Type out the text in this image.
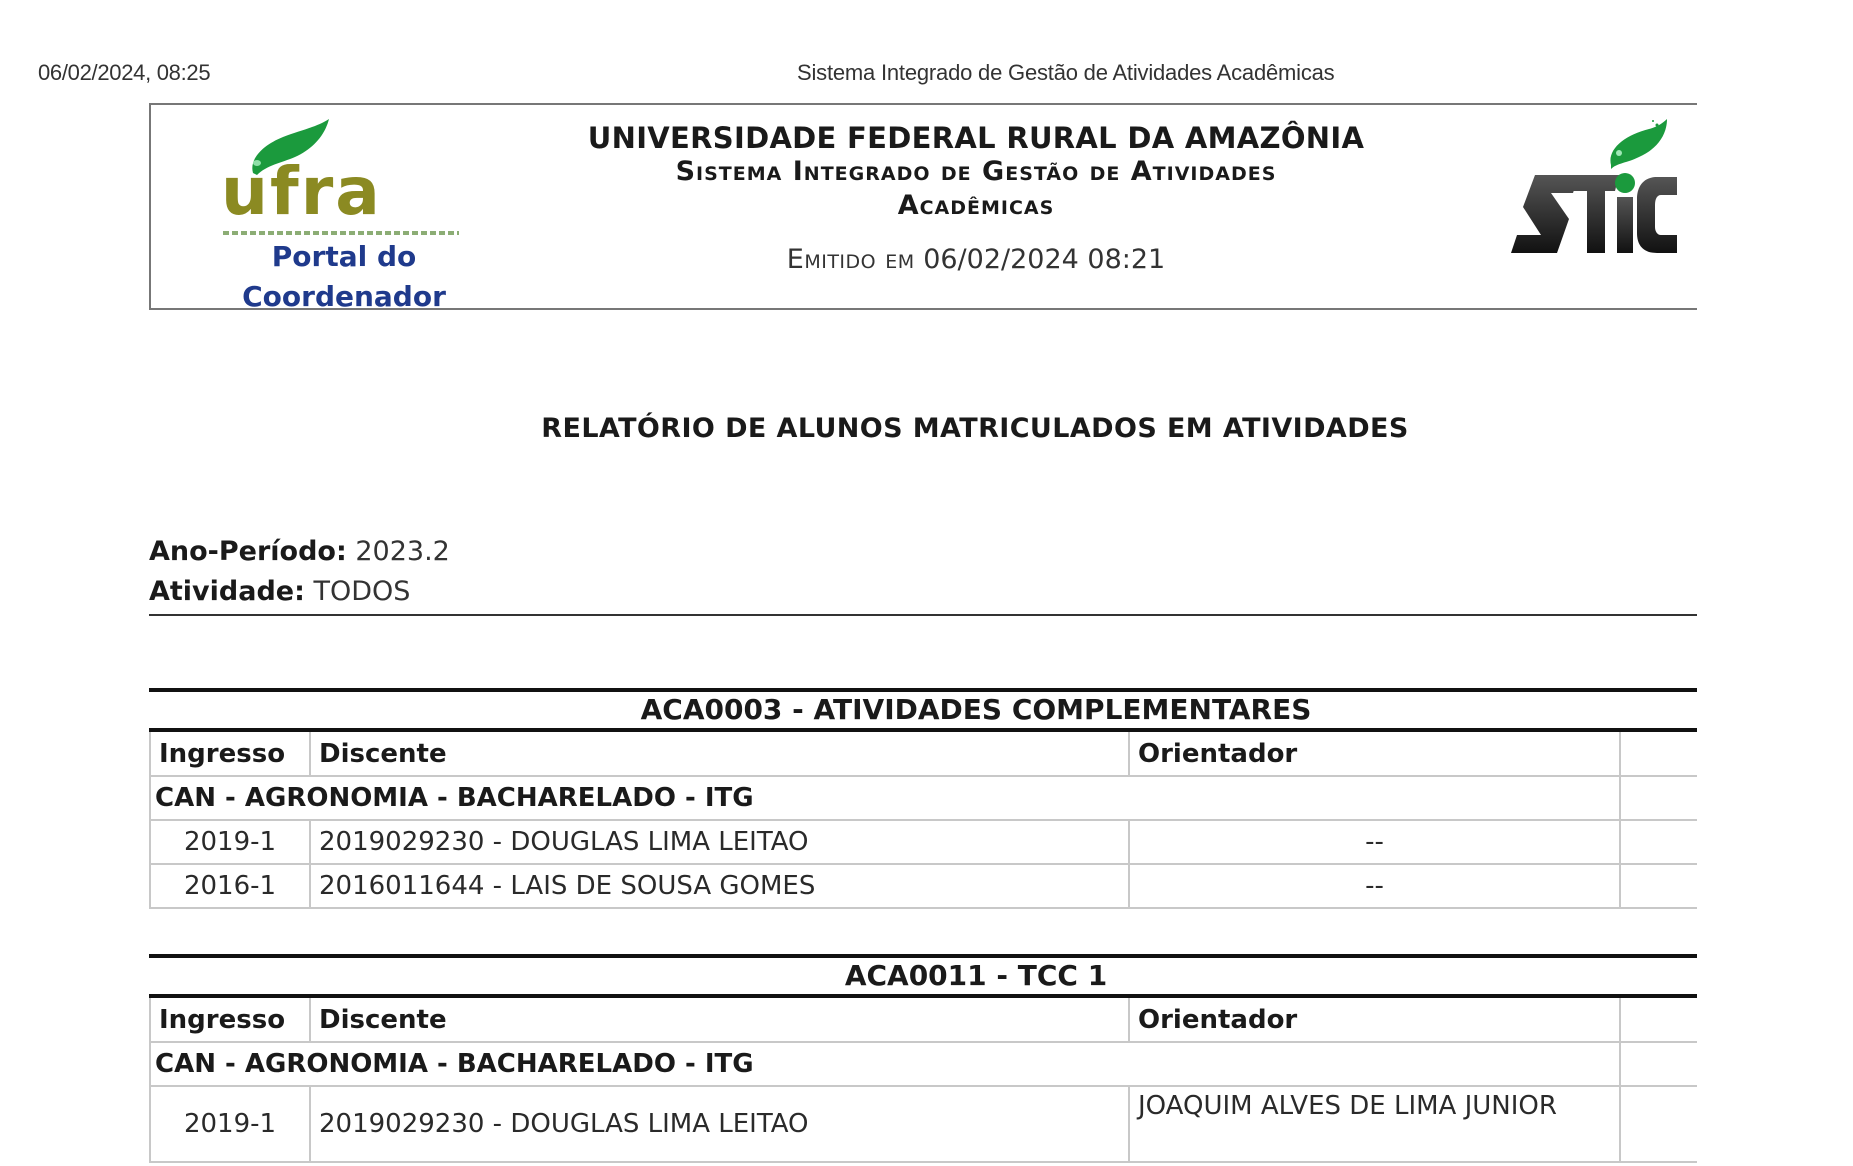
06/02/2024, 08:25	Sistema Integrado de Gestão de Atividades Acadêmicas
ufra
Portal do
Coordenador
UNIVERSIDADE FEDERAL RURAL DA AMAZÔNIA
Sistema Integrado de Gestão de Atividades Acadêmicas
Emitido em 06/02/2024 08:21
RELATÓRIO DE ALUNOS MATRICULADOS EM ATIVIDADES
Ano-Período: 2023.2
Atividade: TODOS
ACA0003 - ATIVIDADES COMPLEMENTARES
Ingresso	Discente	Orientador	
CAN - AGRONOMIA - BACHARELADO - ITG			
2019-1	2019029230 - DOUGLAS LIMA LEITAO	--	
2016-1	2016011644 - LAIS DE SOUSA GOMES	--	
ACA0011 - TCC 1
Ingresso	Discente	Orientador	
CAN - AGRONOMIA - BACHARELADO - ITG			
2019-1	2019029230 - DOUGLAS LIMA LEITAO	JOAQUIM ALVES DE LIMA JUNIOR	
